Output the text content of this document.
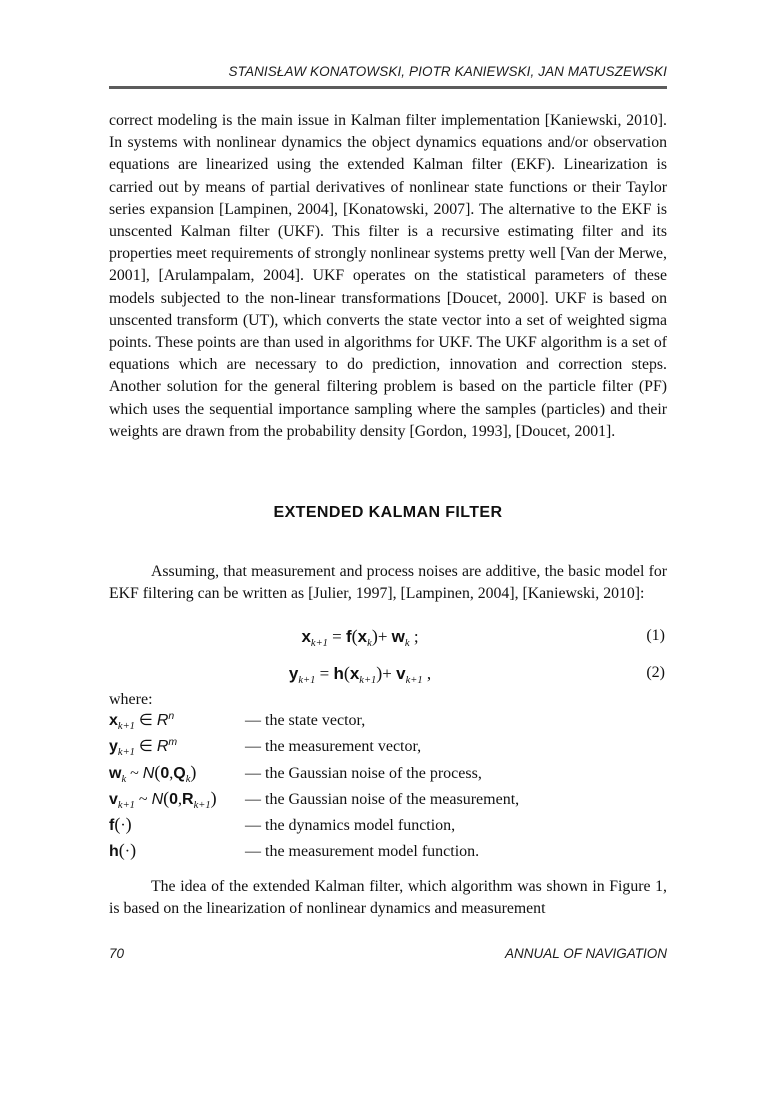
STANISŁAW KONATOWSKI, PIOTR KANIEWSKI, JAN MATUSZEWSKI

correct modeling is the main issue in Kalman filter implementation [Kaniewski, 2010]. In systems with nonlinear dynamics the object dynamics equations and/or observation equations are linearized using the extended Kalman filter (EKF). Linearization is carried out by means of partial derivatives of nonlinear state functions or their Taylor series expansion [Lampinen, 2004], [Konatowski, 2007]. The alternative to the EKF is unscented Kalman filter (UKF). This filter is a recursive estimating filter and its properties meet requirements of strongly nonlinear systems pretty well [Van der Merwe, 2001], [Arulampalam, 2004]. UKF operates on the statistical parameters of these models subjected to the non-linear transformations [Doucet, 2000]. UKF is based on unscented transform (UT), which converts the state vector into a set of weighted sigma points. These points are than used in algorithms for UKF. The UKF algorithm is a set of equations which are necessary to do prediction, innovation and correction steps. Another solution for the general filtering problem is based on the particle filter (PF) which uses the sequential importance sampling where the samples (particles) and their weights are drawn from the probability density [Gordon, 1993], [Doucet, 2001].

EXTENDED KALMAN FILTER

Assuming, that measurement and process noises are additive, the basic model for EKF filtering can be written as [Julier, 1997], [Lampinen, 2004], [Kaniewski, 2010]:

$x_{k+1} = f(x_k)+ w_k$ ;	(1)
$y_{k+1} = h(x_{k+1})+ v_{k+1}$ ,	(2)
where:
$x_{k+1}$ ∈ $R^n$	— the state vector,
$y_{k+1}$ ∈ $R^m$	— the measurement vector,
$w_k$ ~ $N(0,Q_k)$	— the Gaussian noise of the process,
$v_{k+1}$ ~ $N(0,R_{k+1})$	— the Gaussian noise of the measurement,
f(·)	— the dynamics model function,
h(·)	— the measurement model function.

The idea of the extended Kalman filter, which algorithm was shown in Figure 1, is based on the linearization of nonlinear dynamics and measurement

70	ANNUAL OF NAVIGATION
